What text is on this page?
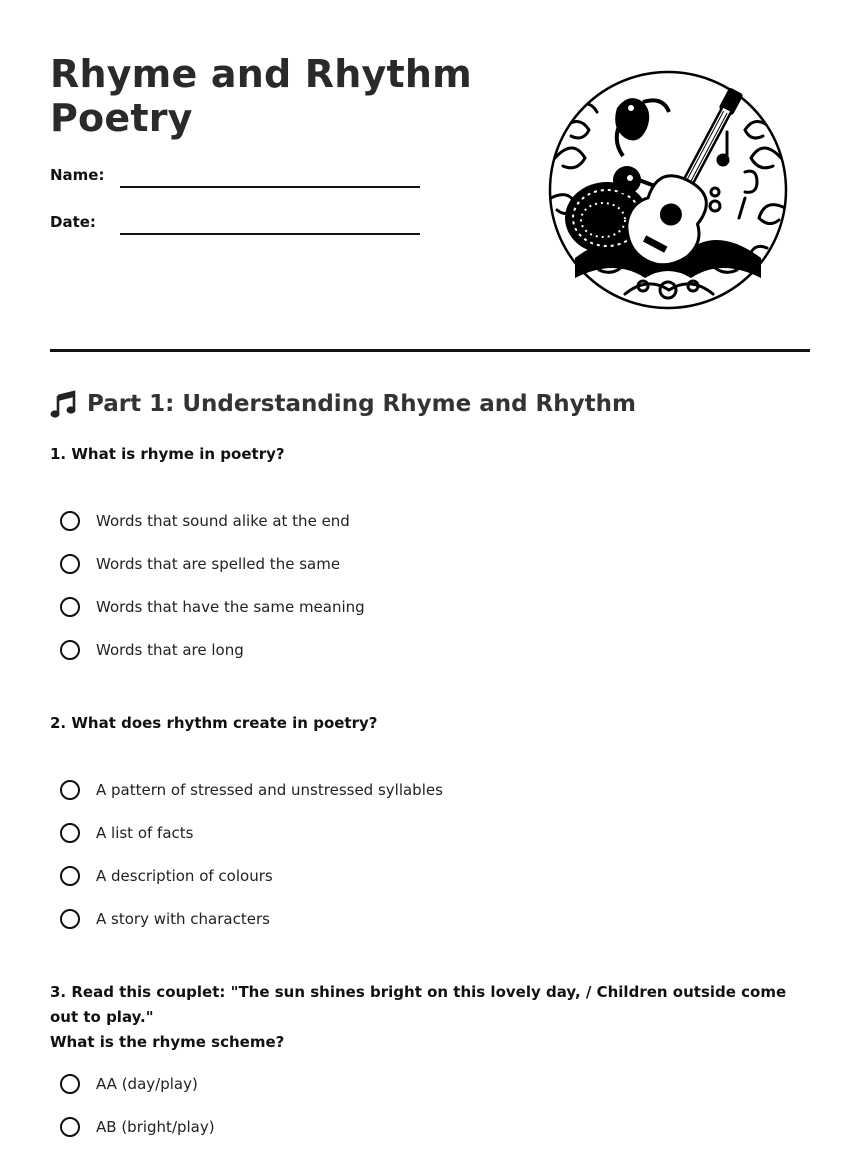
Rhyme and Rhythm
Poetry
Name:
Date:
Part 1: Understanding Rhyme and Rhythm

1. What is rhyme in poetry?

Words that sound alike at the end
Words that are spelled the same
Words that have the same meaning
Words that are long

2. What does rhythm create in poetry?

A pattern of stressed and unstressed syllables
A list of facts
A description of colours
A story with characters

3. Read this couplet: "The sun shines bright on this lovely day, / Children outside come out to play."
What is the rhyme scheme?

AA (day/play)
AB (bright/play)
